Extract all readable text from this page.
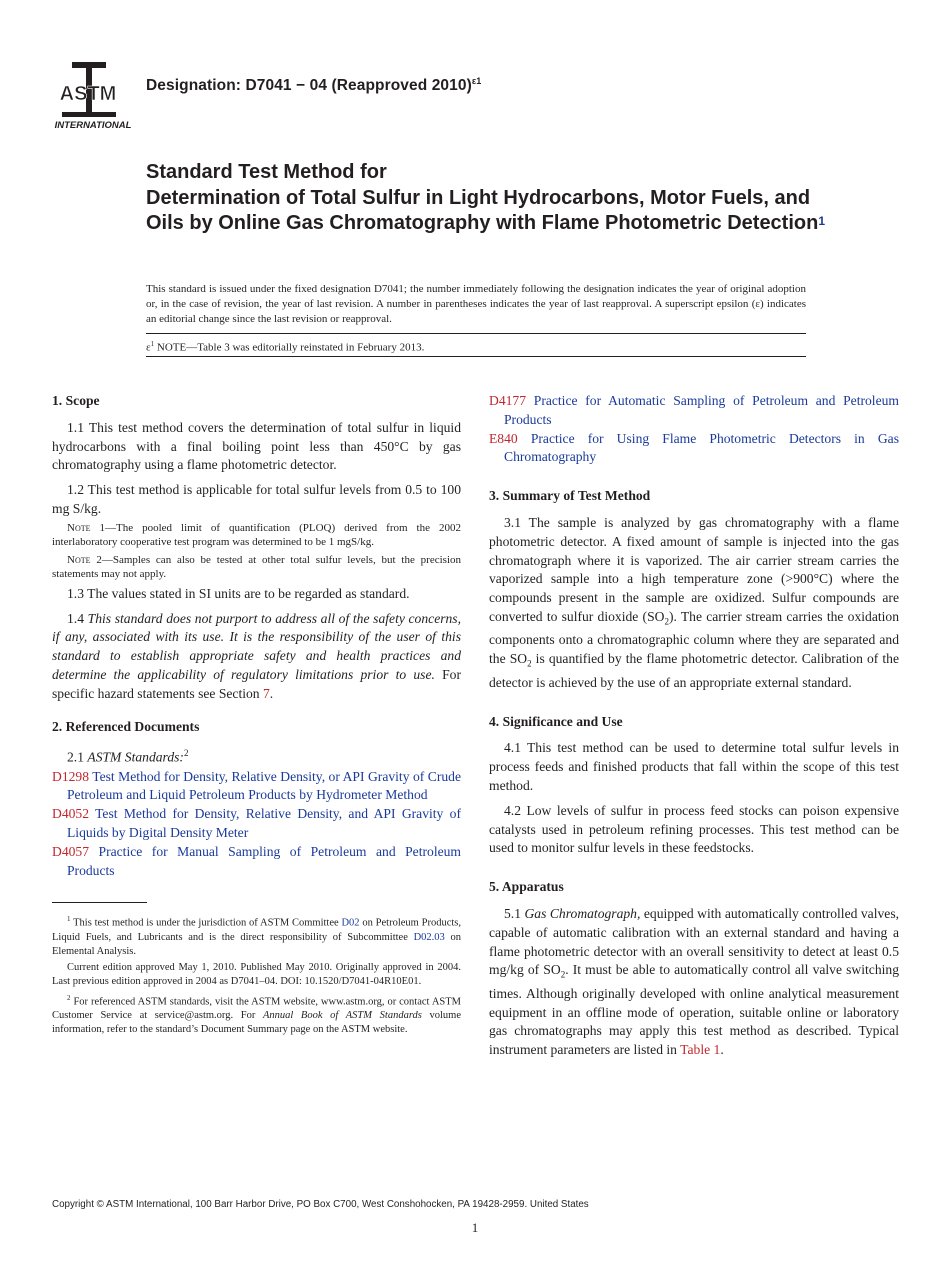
ASTM
INTERNATIONAL
Designation: D7041 − 04 (Reapproved 2010)$^{\varepsilon 1}$
Standard Test Method for
Determination of Total Sulfur in Light Hydrocarbons, Motor Fuels, and Oils by Online Gas Chromatography with Flame Photometric Detection$^1$
This standard is issued under the fixed designation D7041; the number immediately following the designation indicates the year of original adoption or, in the case of revision, the year of last revision. A number in parentheses indicates the year of last reapproval. A superscript epsilon (ε) indicates an editorial change since the last revision or reapproval.
$\varepsilon^1$ NOTE—Table 3 was editorially reinstated in February 2013.
1. Scope

1.1 This test method covers the determination of total sulfur in liquid hydrocarbons with a final boiling point less than 450°C by gas chromatography using a flame photometric detector.

1.2 This test method is applicable for total sulfur levels from 0.5 to 100 mg S/kg.

Note 1—The pooled limit of quantification (PLOQ) derived from the 2002 interlaboratory cooperative test program was determined to be 1 mgS/kg.
Note 2—Samples can also be tested at other total sulfur levels, but the precision statements may not apply.

1.3 The values stated in SI units are to be regarded as standard.

1.4 This standard does not purport to address all of the safety concerns, if any, associated with its use. It is the responsibility of the user of this standard to establish appropriate safety and health practices and determine the applicability of regulatory limitations prior to use. For specific hazard statements see Section 7.

2. Referenced Documents

2.1 ASTM Standards:$^2$

D1298 Test Method for Density, Relative Density, or API Gravity of Crude Petroleum and Liquid Petroleum Products by Hydrometer Method
D4052 Test Method for Density, Relative Density, and API Gravity of Liquids by Digital Density Meter
D4057 Practice for Manual Sampling of Petroleum and Petroleum Products
$^1$ This test method is under the jurisdiction of ASTM Committee D02 on Petroleum Products, Liquid Fuels, and Lubricants and is the direct responsibility of Subcommittee D02.03 on Elemental Analysis.
Current edition approved May 1, 2010. Published May 2010. Originally approved in 2004. Last previous edition approved in 2004 as D7041–04. DOI: 10.1520/D7041-04R10E01.
$^2$ For referenced ASTM standards, visit the ASTM website, www.astm.org, or contact ASTM Customer Service at service@astm.org. For Annual Book of ASTM Standards volume information, refer to the standard’s Document Summary page on the ASTM website.
D4177 Practice for Automatic Sampling of Petroleum and Petroleum Products
E840 Practice for Using Flame Photometric Detectors in Gas Chromatography
3. Summary of Test Method

3.1 The sample is analyzed by gas chromatography with a flame photometric detector. A fixed amount of sample is injected into the gas chromatograph where it is vaporized. The air carrier stream carries the vaporized sample into a high temperature zone (>900°C) where the compounds present in the sample are oxidized. Sulfur compounds are converted to sulfur dioxide $(SO_2)$. The carrier stream carries the oxidation components onto a chromatographic column where they are separated and the $SO_2$ is quantified by the flame photometric detector. Calibration of the detector is achieved by the use of an appropriate external standard.

4. Significance and Use

4.1 This test method can be used to determine total sulfur levels in process feeds and finished products that fall within the scope of this test method.

4.2 Low levels of sulfur in process feed stocks can poison expensive catalysts used in petroleum refining processes. This test method can be used to monitor sulfur levels in these feedstocks.

5. Apparatus

5.1 Gas Chromatograph, equipped with automatically controlled valves, capable of automatic calibration with an external standard and having a flame photometric detector with an overall sensitivity to detect at least 0.5 mg/kg of $SO_2$. It must be able to automatically control all valve switching times. Although originally developed with online analytical measurement equipment in an offline mode of operation, suitable online or laboratory gas chromatographs may apply this test method as described. Typical instrument parameters are listed in Table 1.

Copyright © ASTM International, 100 Barr Harbor Drive, PO Box C700, West Conshohocken, PA 19428-2959. United States
1
